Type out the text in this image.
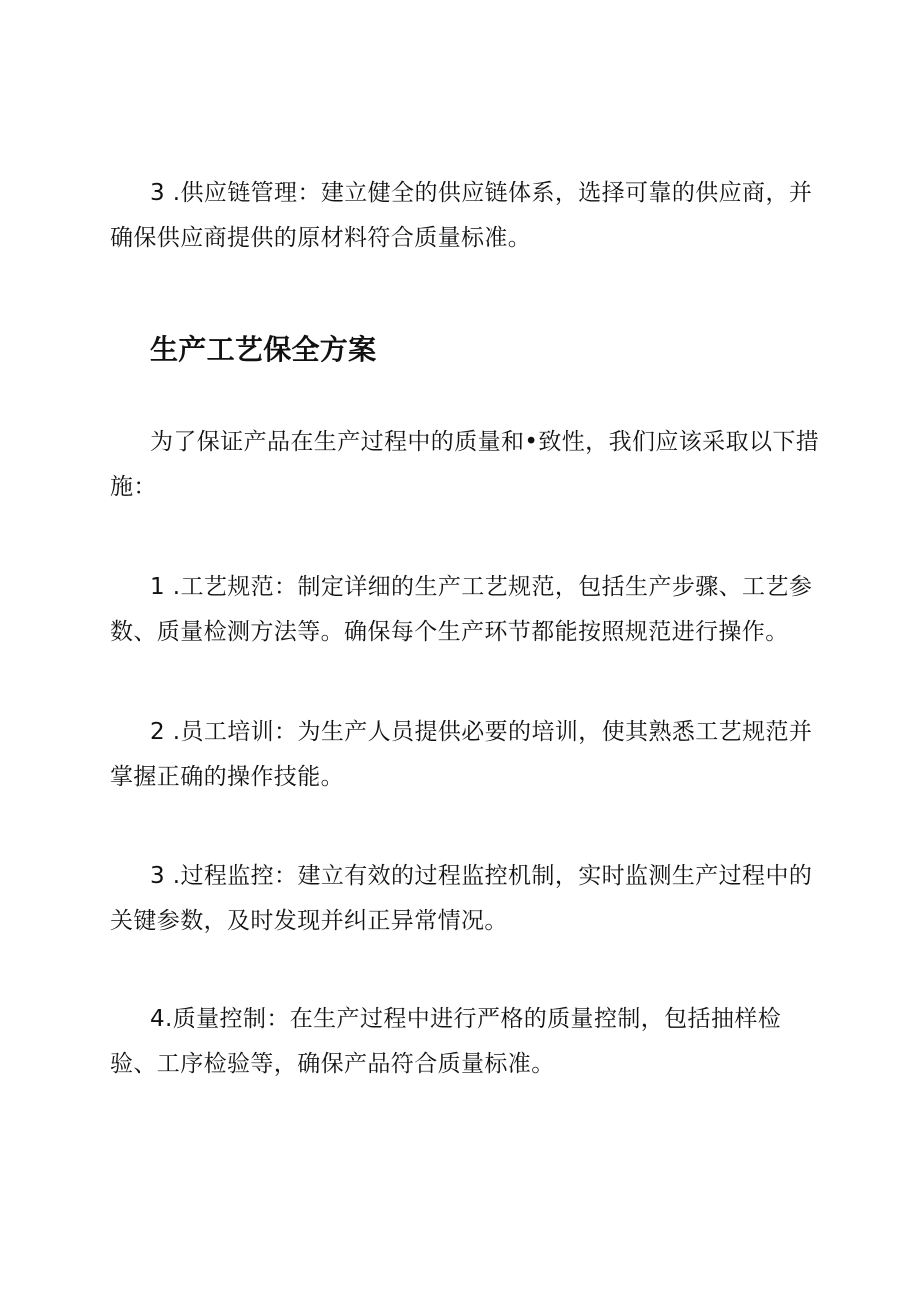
3 .供应链管理：建立健全的供应链体系，选择可靠的供应商，并
确保供应商提供的原材料符合质量标准。
生产工艺保全方案
为了保证产品在生产过程中的质量和•致性，我们应该采取以下措
施：
1 .工艺规范：制定详细的生产工艺规范，包括生产步骤、工艺参
数、质量检测方法等。确保每个生产环节都能按照规范进行操作。
2 .员工培训：为生产人员提供必要的培训，使其熟悉工艺规范并
掌握正确的操作技能。
3 .过程监控：建立有效的过程监控机制，实时监测生产过程中的
关键参数，及时发现并纠正异常情况。
4.质量控制：在生产过程中进行严格的质量控制，包括抽样检
验、工序检验等，确保产品符合质量标准。
